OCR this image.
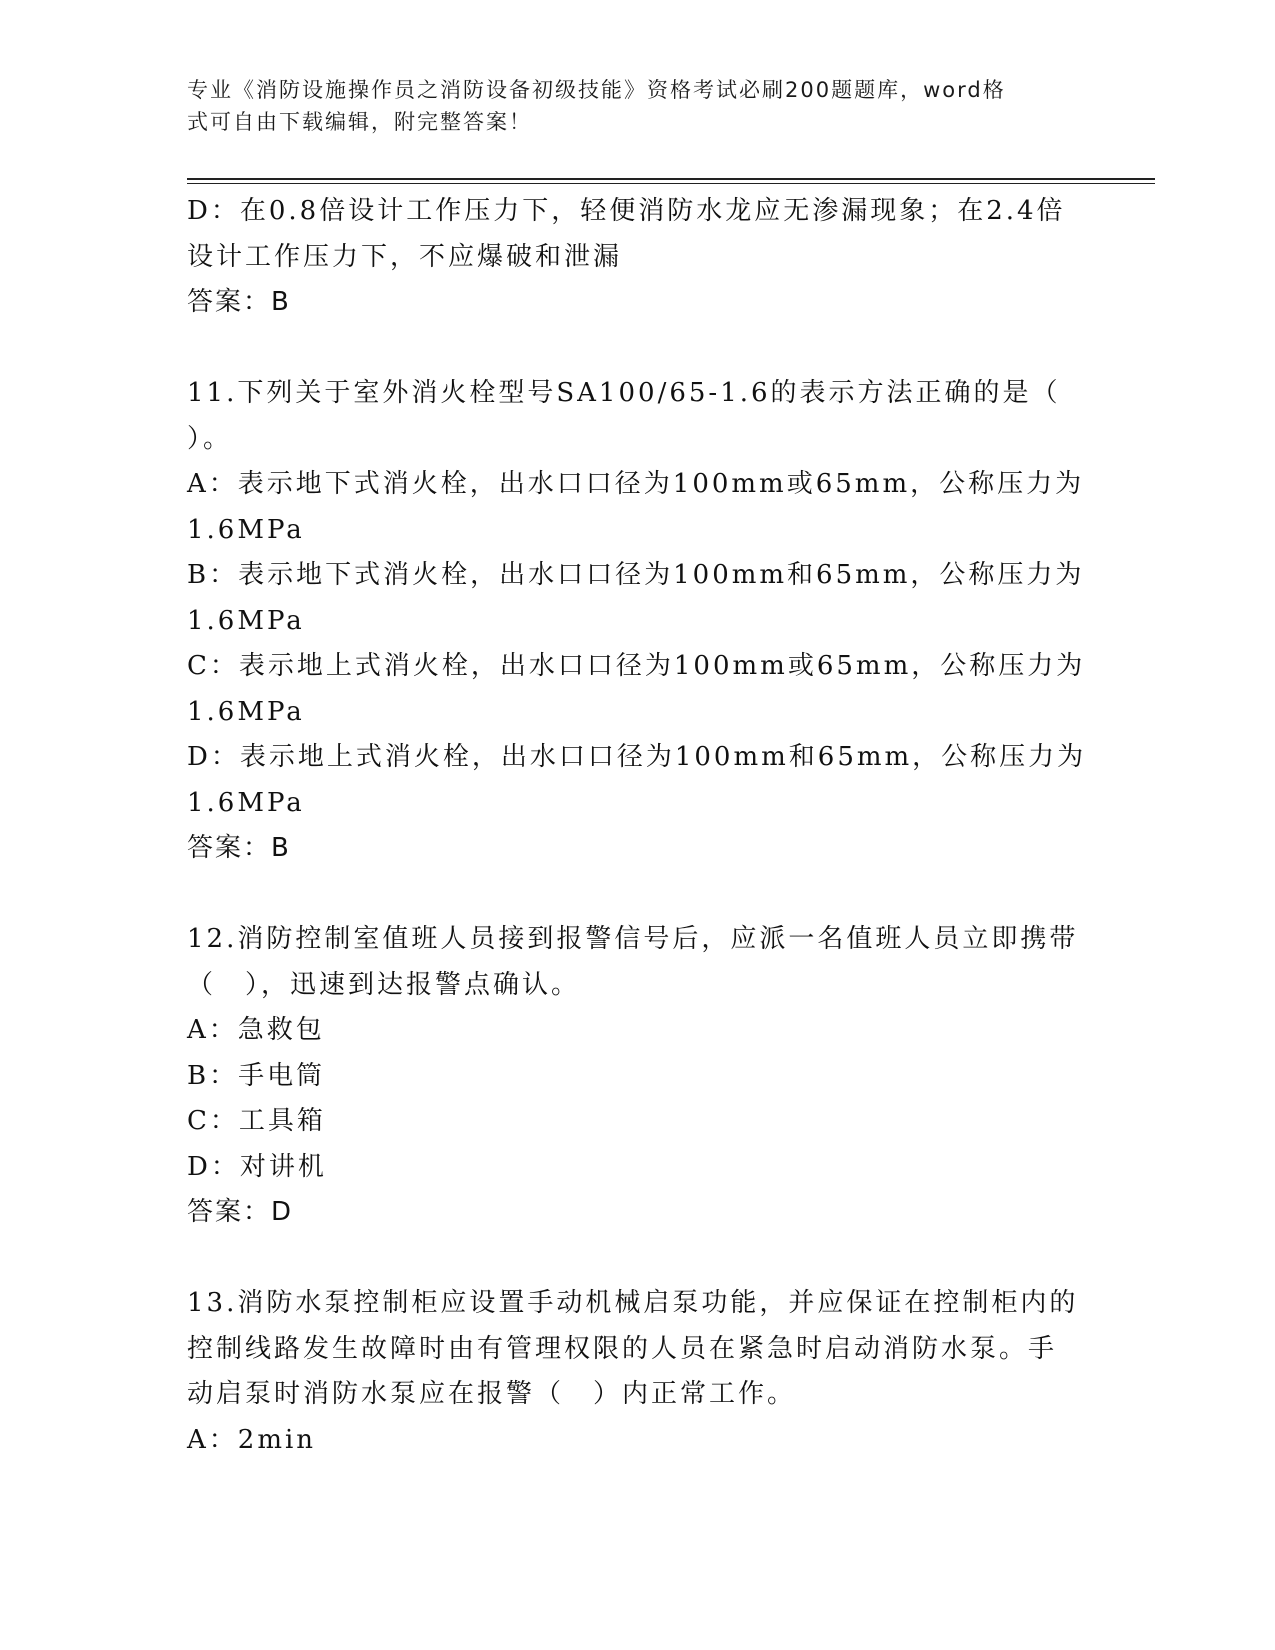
专业《消防设施操作员之消防设备初级技能》资格考试必刷200题题库，word格
式可自由下载编辑，附完整答案！
D：在0.8倍设计工作压力下，轻便消防水龙应无渗漏现象；在2.4倍
设计工作压力下，不应爆破和泄漏
答案：B
11.下列关于室外消火栓型号SA100/65-1.6的表示方法正确的是（
）。
A：表示地下式消火栓，出水口口径为100mm或65mm，公称压力为
1.6MPa
B：表示地下式消火栓，出水口口径为100mm和65mm，公称压力为
1.6MPa
C：表示地上式消火栓，出水口口径为100mm或65mm，公称压力为
1.6MPa
D：表示地上式消火栓，出水口口径为100mm和65mm，公称压力为
1.6MPa
答案：B
12.消防控制室值班人员接到报警信号后，应派一名值班人员立即携带
（　），迅速到达报警点确认。
A：急救包
B：手电筒
C：工具箱
D：对讲机
答案：D
13.消防水泵控制柜应设置手动机械启泵功能，并应保证在控制柜内的
控制线路发生故障时由有管理权限的人员在紧急时启动消防水泵。手
动启泵时消防水泵应在报警（　）内正常工作。
A：2min
